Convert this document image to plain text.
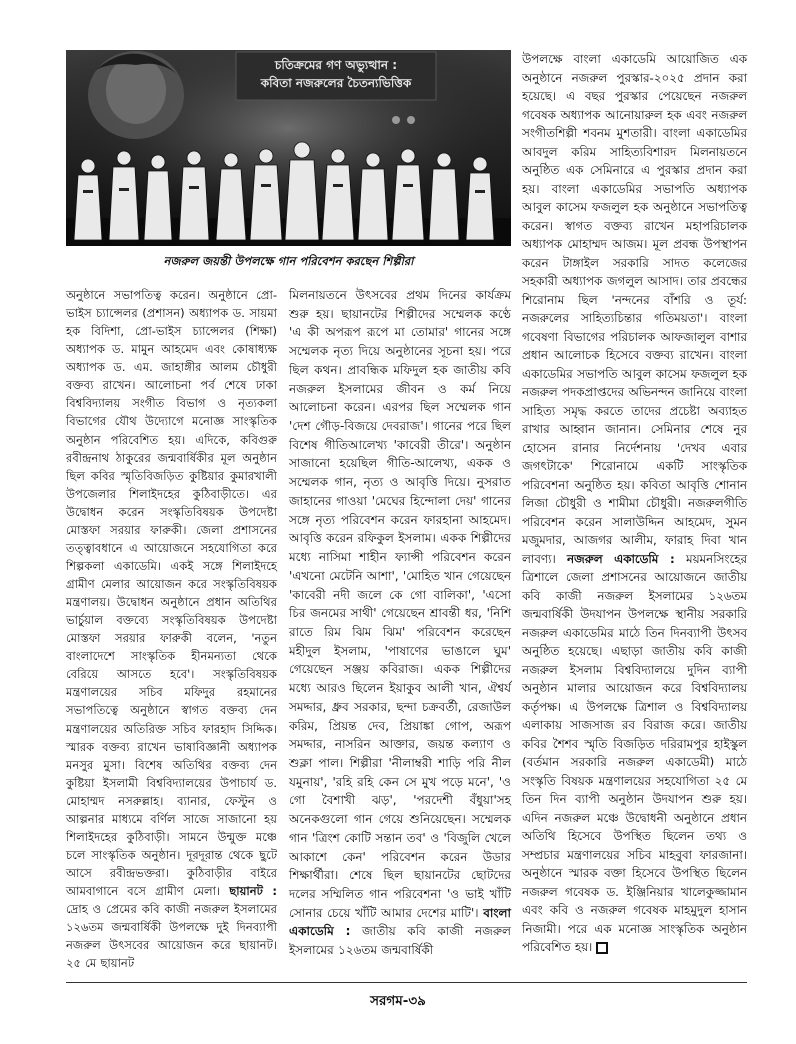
চতিক্রমের গণ অভ্যুত্থান :
কবিতা নজরুলের চৈতন্যভিত্তিক
নজরুল জয়ন্তী উপলক্ষে গান পরিবেশন করছেন শিল্পীরা

অনুষ্ঠানে সভাপতিত্ব করেন। অনুষ্ঠানে প্রো-ভাইস চ্যান্সেলর (প্রশাসন) অধ্যাপক ড. সায়মা হক বিদিশা, প্রো-ভাইস চ্যান্সেলর (শিক্ষা) অধ্যাপক ড. মামুন আহমেদ এবং কোষাধ্যক্ষ অধ্যাপক ড. এম. জাহাঙ্গীর আলম চৌধুরী বক্তব্য রাখেন। আলোচনা পর্ব শেষে ঢাকা বিশ্ববিদ্যালয় সংগীত বিভাগ ও নৃত্যকলা বিভাগের যৌথ উদ্যোগে মনোজ্ঞ সাংস্কৃতিক অনুষ্ঠান পরিবেশিত হয়। এদিকে, কবিগুরু রবীন্দ্রনাথ ঠাকুরের জন্মবার্ষিকীর মূল অনুষ্ঠান ছিল কবির স্মৃতিবিজড়িত কুষ্টিয়ার কুমারখালী উপজেলার শিলাইদহের কুঠিবাড়ীতে। এর উদ্বোধন করেন সংস্কৃতিবিষয়ক উপদেষ্টা মোস্তফা সরয়ার ফারুকী। জেলা প্রশাসনের তত্ত্বাবধানে এ আয়োজনে সহযোগিতা করে শিল্পকলা একাডেমি। একই সঙ্গে শিলাইদহে গ্রামীণ মেলার আয়োজন করে সংস্কৃতিবিষয়ক মন্ত্রণালয়। উদ্বোধন অনুষ্ঠানে প্রধান অতিথির ভার্চুয়াল বক্তব্যে সংস্কৃতিবিষয়ক উপদেষ্টা মোস্তফা সরয়ার ফারুকী বলেন, 'নতুন বাংলাদেশে সাংস্কৃতিক হীনমন্যতা থেকে বেরিয়ে আসতে হবে'। সংস্কৃতিবিষয়ক মন্ত্রণালয়ের সচিব মফিদুর রহমানের সভাপতিত্বে অনুষ্ঠানে স্বাগত বক্তব্য দেন মন্ত্রণালয়ের অতিরিক্ত সচিব ফারহাদ সিদ্দিক। স্মারক বক্তব্য রাখেন ভাষাবিজ্ঞানী অধ্যাপক মনসুর মুসা। বিশেষ অতিথির বক্তব্য দেন কুষ্টিয়া ইসলামী বিশ্ববিদ্যালয়ের উপাচার্য ড. মোহাম্মদ নসরুল্লাহ। ব্যানার, ফেস্টুন ও আল্পনার মাধ্যমে বর্ণিল সাজে সাজানো হয় শিলাইদহের কুঠিবাড়ী। সামনে উন্মুক্ত মঞ্চে চলে সাংস্কৃতিক অনুষ্ঠান। দূরদূরান্ত থেকে ছুটে আসে রবীন্দ্রভক্তরা। কুঠিবাড়ীর বাইরে আমবাগানে বসে গ্রামীণ মেলা। ছায়ানট : দ্রোহ ও প্রেমের কবি কাজী নজরুল ইসলামের ১২৬তম জন্মবার্ষিকী উপলক্ষে দুই দিনব্যাপী নজরুল উৎসবের আয়োজন করে ছায়ানট। ২৫ মে ছায়ানট

মিলনায়তনে উৎসবের প্রথম দিনের কার্যক্রম শুরু হয়। ছায়ানটের শিল্পীদের সম্মেলক কণ্ঠে 'এ কী অপরূপ রূপে মা তোমার' গানের সঙ্গে সম্মেলক নৃত্য দিয়ে অনুষ্ঠানের সূচনা হয়। পরে ছিল কথন। প্রাবন্ধিক মফিদুল হক জাতীয় কবি নজরুল ইসলামের জীবন ও কর্ম নিয়ে আলোচনা করেন। এরপর ছিল সম্মেলক গান 'দেশ গৌড়-বিজয়ে দেবরাজ'। গানের পরে ছিল বিশেষ গীতিআলেখ্য 'কাবেরী তীরে'। অনুষ্ঠান সাজানো হয়েছিল গীতি-আলেখ্য, একক ও সম্মেলক গান, নৃত্য ও আবৃত্তি দিয়ে। নুসরাত জাহানের গাওয়া 'মেঘের হিন্দোলা দেয়' গানের সঙ্গে নৃত্য পরিবেশন করেন ফারহানা আহমেদ। আবৃত্তি করেন রফিকুল ইসলাম। একক শিল্পীদের মধ্যে নাসিমা শাহীন ফ্যান্সী পরিবেশন করেন 'এখনো মেটেনি আশা', 'মোহিত খান গেয়েছেন 'কাবেরী নদী জলে কে গো বালিকা', 'এসো চির জনমের সাথী' গেয়েছেন শ্রাবন্তী ধর, 'নিশি রাতে রিম ঝিম ঝিম' পরিবেশন করেছেন মহীদুল ইসলাম, 'পাষাণের ভাঙালে ঘুম' গেয়েছেন সঞ্জয় কবিরাজ। একক শিল্পীদের মধ্যে আরও ছিলেন ইয়াকুব আলী খান, ঐশ্বর্য সমদ্দার, ধ্রুব সরকার, ছন্দা চক্রবর্তী, রেজাউল করিম, প্রিয়ন্ত দেব, প্রিয়াঙ্কা গোপ, অরূপ সমদ্দার, নাসরিন আক্তার, জয়ন্ত কল্যাণ ও শুক্লা পাল। শিল্পীরা 'নীলাম্বরী শাড়ি পরি নীল যমুনায়', 'রহি রহি কেন সে মুখ পড়ে মনে', 'ও গো বৈশাখী ঝড়', 'পরদেশী বঁধুয়া'সহ অনেকগুলো গান গেয়ে শুনিয়েছেন। সম্মেলক গান 'ত্রিংশ কোটি সন্তান তব' ও 'বিজুলি খেলে আকাশে কেন' পরিবেশন করেন উডার শিক্ষার্থীরা। শেষে ছিল ছায়ানটের ছোটদের দলের সম্মিলিত গান পরিবেশনা 'ও ভাই খাঁটি সোনার চেয়ে খাঁটি আমার দেশের মাটি'। বাংলা একাডেমি : জাতীয় কবি কাজী নজরুল ইসলামের ১২৬তম জন্মবার্ষিকী

উপলক্ষে বাংলা একাডেমি আয়োজিত এক অনুষ্ঠানে নজরুল পুরস্কার-২০২৫ প্রদান করা হয়েছে। এ বছর পুরস্কার পেয়েছেন নজরুল গবেষক অধ্যাপক আনোয়ারুল হক এবং নজরুল সংগীতশিল্পী শবনম মুশতারী। বাংলা একাডেমির আবদুল করিম সাহিত্যবিশারদ মিলনায়তনে অনুষ্ঠিত এক সেমিনারে এ পুরস্কার প্রদান করা হয়। বাংলা একাডেমির সভাপতি অধ্যাপক আবুল কাসেম ফজলুল হক অনুষ্ঠানে সভাপতিত্ব করেন। স্বাগত বক্তব্য রাখেন মহাপরিচালক অধ্যাপক মোহাম্মদ আজম। মূল প্রবন্ধ উপস্থাপন করেন টাঙ্গাইল সরকারি সাদত কলেজের সহকারী অধ্যাপক জগলুল আসাদ। তার প্রবন্ধের শিরোনাম ছিল 'নন্দনের বাঁশরি ও তূর্য: নজরুলের সাহিত্যচিন্তার গতিময়তা'। বাংলা গবেষণা বিভাগের পরিচালক আফজালুল বাশার প্রধান আলোচক হিসেবে বক্তব্য রাখেন। বাংলা একাডেমির সভাপতি আবুল কাসেম ফজলুল হক নজরুল পদকপ্রাপ্তদের অভিনন্দন জানিয়ে বাংলা সাহিত্য সমৃদ্ধ করতে তাদের প্রচেষ্টা অব্যাহত রাখার আহ্বান জানান। সেমিনার শেষে নুর হোসেন রানার নির্দেশনায় 'দেখব এবার জগৎটাকে' শিরোনামে একটি সাংস্কৃতিক পরিবেশনা অনুষ্ঠিত হয়। কবিতা আবৃত্তি শোনান লিজা চৌধুরী ও শামীমা চৌধুরী। নজরুলগীতি পরিবেশন করেন সালাউদ্দিন আহমেদ, সুমন মজুমদার, আজগর আলীম, ফারাহ দিবা খান লাবণ্য। নজরুল একাডেমি : ময়মনসিংহের ত্রিশালে জেলা প্রশাসনের আয়োজনে জাতীয় কবি কাজী নজরুল ইসলামের ১২৬তম জন্মবার্ষিকী উদযাপন উপলক্ষে স্থানীয় সরকারি নজরুল একাডেমির মাঠে তিন দিনব্যাপী উৎসব অনুষ্ঠিত হয়েছে। এছাড়া জাতীয় কবি কাজী নজরুল ইসলাম বিশ্ববিদ্যালয়ে দুদিন ব্যাপী অনুষ্ঠান মালার আয়োজন করে বিশ্ববিদ্যালয় কর্তৃপক্ষ। এ উপলক্ষে ত্রিশাল ও বিশ্ববিদ্যালয় এলাকায় সাজসাজ রব বিরাজ করে। জাতীয় কবির শৈশব স্মৃতি বিজড়িত দরিরামপুর হাইস্কুল (বর্তমান সরকারি নজরুল একাডেমী) মাঠে সংস্কৃতি বিষয়ক মন্ত্রণালয়ের সহযোগিতা ২৫ মে তিন দিন ব্যাপী অনুষ্ঠান উদযাপন শুরু হয়। এদিন নজরুল মঞ্চে উদ্বোধনী অনুষ্ঠানে প্রধান অতিথি হিসেবে উপস্থিত ছিলেন তথ্য ও সম্প্রচার মন্ত্রণালয়ের সচিব মাহবুবা ফারজানা। অনুষ্ঠানে স্মারক বক্তা হিসেবে উপস্থিত ছিলেন নজরুল গবেষক ড. ইঞ্জিনিয়ার খালেকুজ্জামান এবং কবি ও নজরুল গবেষক মাহমুদুল হাসান নিজামী। পরে এক মনোজ্ঞ সাংস্কৃতিক অনুষ্ঠান পরিবেশিত হয়।

সরগম-৩৯
